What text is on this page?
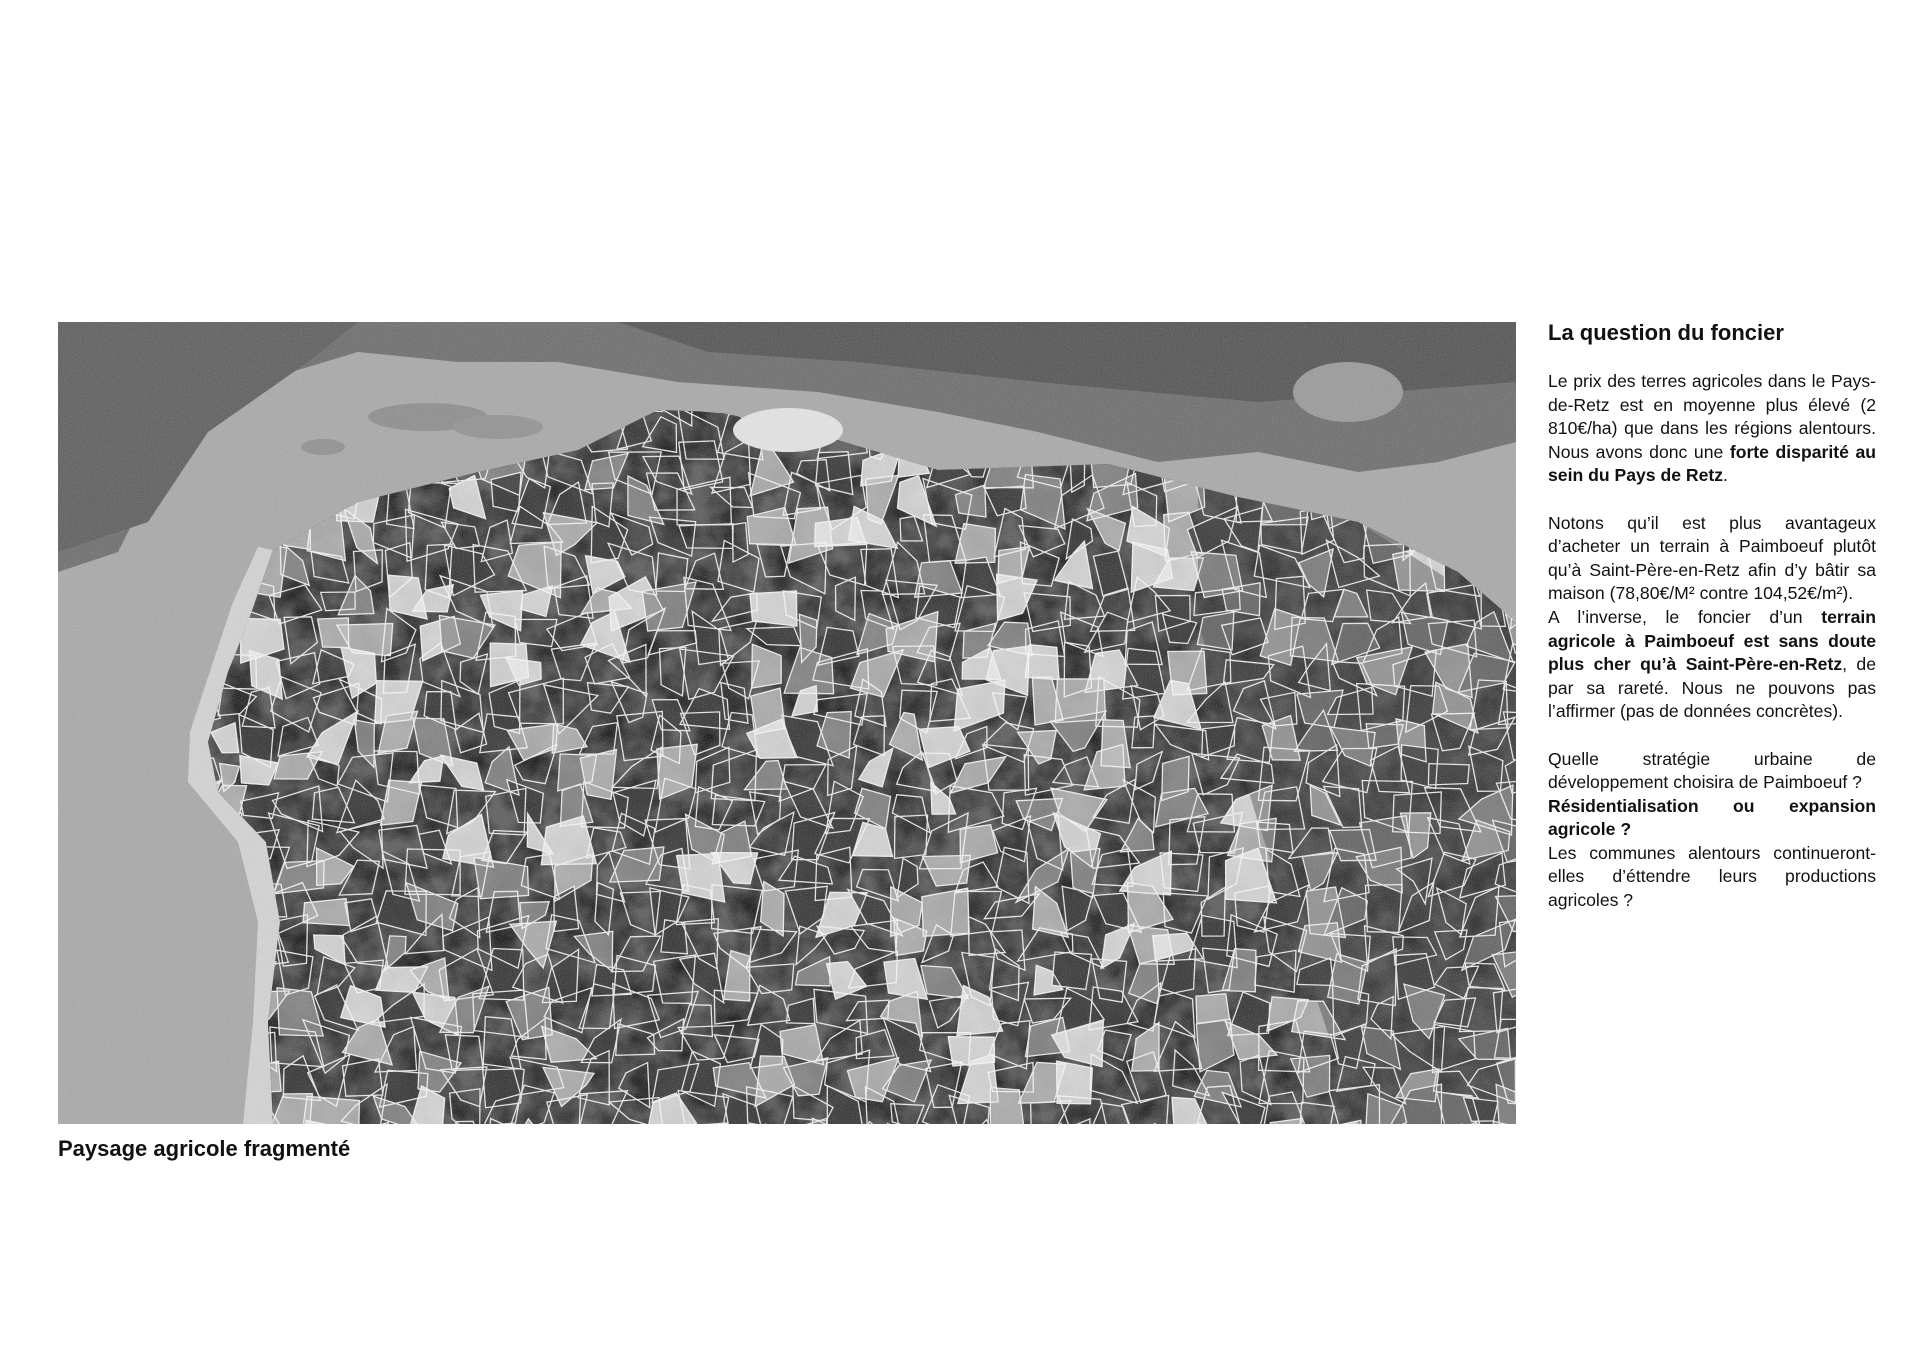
Paysage agricole fragmenté
La question du foncier

Le prix des terres agricoles dans le Pays-de-Retz est en moyenne plus élevé (2 810€/ha) que dans les régions alentours. Nous avons donc une forte disparité au sein du Pays de Retz.

Notons qu’il est plus avantageux d’acheter un terrain à Paimboeuf plutôt qu’à Saint-Père-en-Retz afin d’y bâtir sa maison (78,80€/M² contre 104,52€/m²).

A l’inverse, le foncier d’un terrain agricole à Paimboeuf est sans doute plus cher qu’à Saint-Père-en-Retz, de par sa rareté. Nous ne pouvons pas l’affirmer (pas de données concrètes).

Quelle stratégie urbaine de développement choisira de Paimboeuf ?

Résidentialisation ou expansion agricole ?

Les communes alentours continueront-elles d’éttendre leurs productions agricoles ?
